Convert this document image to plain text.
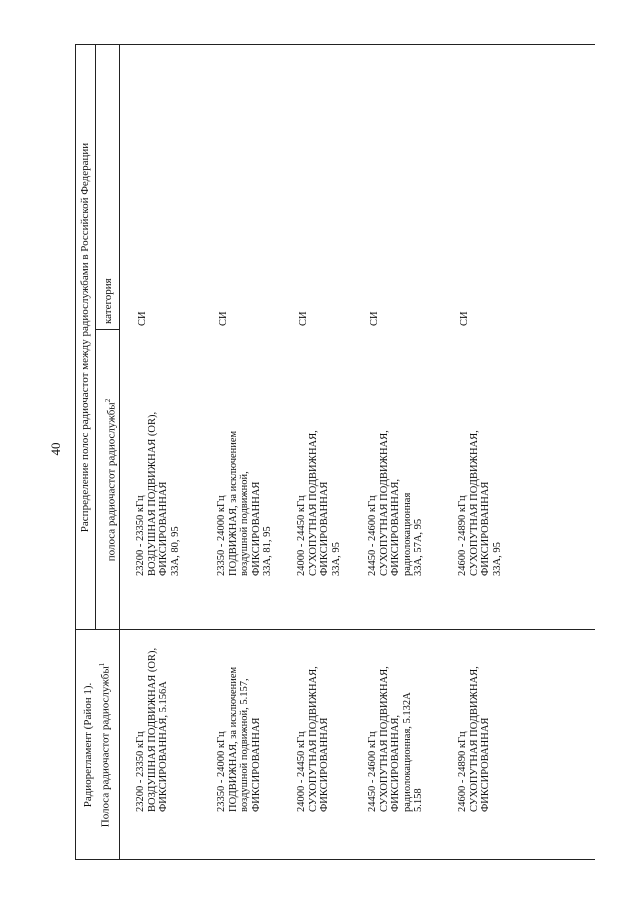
40
Радиорегламент (Район 1). Полоса радиочастот радиослужбы$^1$
Распределение полос радиочастот между радиослужбами в Российской Федерации	полоса радиочастот радиослужбы$^2$
категория
23200 - 23350 кГц
ВОЗДУШНАЯ ПОДВИЖНАЯ (OR),
ФИКСИРОВАННАЯ, 5.156А
23200 - 23350 кГц
ВОЗДУШНАЯ ПОДВИЖНАЯ (OR),
ФИКСИРОВАННАЯ
33А, 80, 95
СИ
23350 - 24000 кГц
ПОДВИЖНАЯ, за исключением
воздушной подвижной, 5.157,
ФИКСИРОВАННАЯ
23350 - 24000 кГц
ПОДВИЖНАЯ, за исключением
воздушной подвижной,
ФИКСИРОВАННАЯ
33А, 81, 95
СИ
24000 - 24450 кГц
СУХОПУТНАЯ ПОДВИЖНАЯ,
ФИКСИРОВАННАЯ
24000 - 24450 кГц
СУХОПУТНАЯ ПОДВИЖНАЯ,
ФИКСИРОВАННАЯ
33А, 95
СИ
24450 - 24600 кГц
СУХОПУТНАЯ ПОДВИЖНАЯ,
ФИКСИРОВАННАЯ,
радиолокационная, 5.132А
5.158
24450 - 24600 кГц
СУХОПУТНАЯ ПОДВИЖНАЯ,
ФИКСИРОВАННАЯ,
радиолокационная
33А, 57А, 95
СИ
24600 - 24890 кГц
СУХОПУТНАЯ ПОДВИЖНАЯ,
ФИКСИРОВАННАЯ
24600 - 24890 кГц
СУХОПУТНАЯ ПОДВИЖНАЯ,
ФИКСИРОВАННАЯ
33А, 95
СИ
